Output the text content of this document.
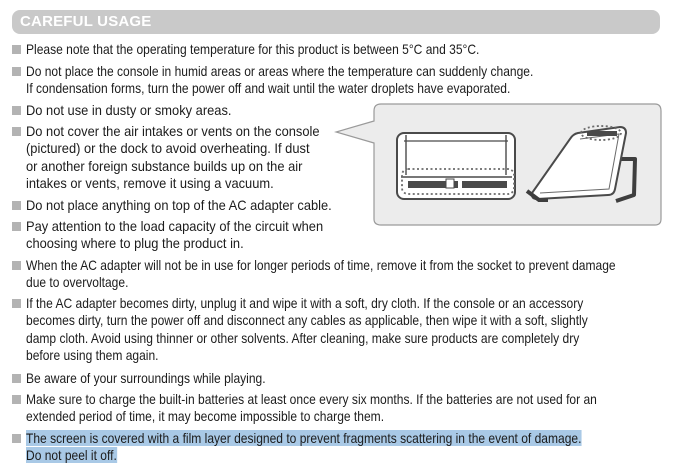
CAREFUL USAGE
Please note that the operating temperature for this product is between 5°C and 35°C.
Do not place the console in humid areas or areas where the temperature can suddenly change.
If condensation forms, turn the power off and wait until the water droplets have evaporated.
Do not use in dusty or smoky areas.
Do not cover the air intakes or vents on the console
(pictured) or the dock to avoid overheating. If dust
or another foreign substance builds up on the air
intakes or vents, remove it using a vacuum.
Do not place anything on top of the AC adapter cable.
Pay attention to the load capacity of the circuit when
choosing where to plug the product in.
When the AC adapter will not be in use for longer periods of time, remove it from the socket to prevent damage
due to overvoltage.
If the AC adapter becomes dirty, unplug it and wipe it with a soft, dry cloth. If the console or an accessory
becomes dirty, turn the power off and disconnect any cables as applicable, then wipe it with a soft, slightly
damp cloth. Avoid using thinner or other solvents. After cleaning, make sure products are completely dry
before using them again.
Be aware of your surroundings while playing.
Make sure to charge the built-in batteries at least once every six months. If the batteries are not used for an
extended period of time, it may become impossible to charge them.
The screen is covered with a film layer designed to prevent fragments scattering in the event of damage.
Do not peel it off.
